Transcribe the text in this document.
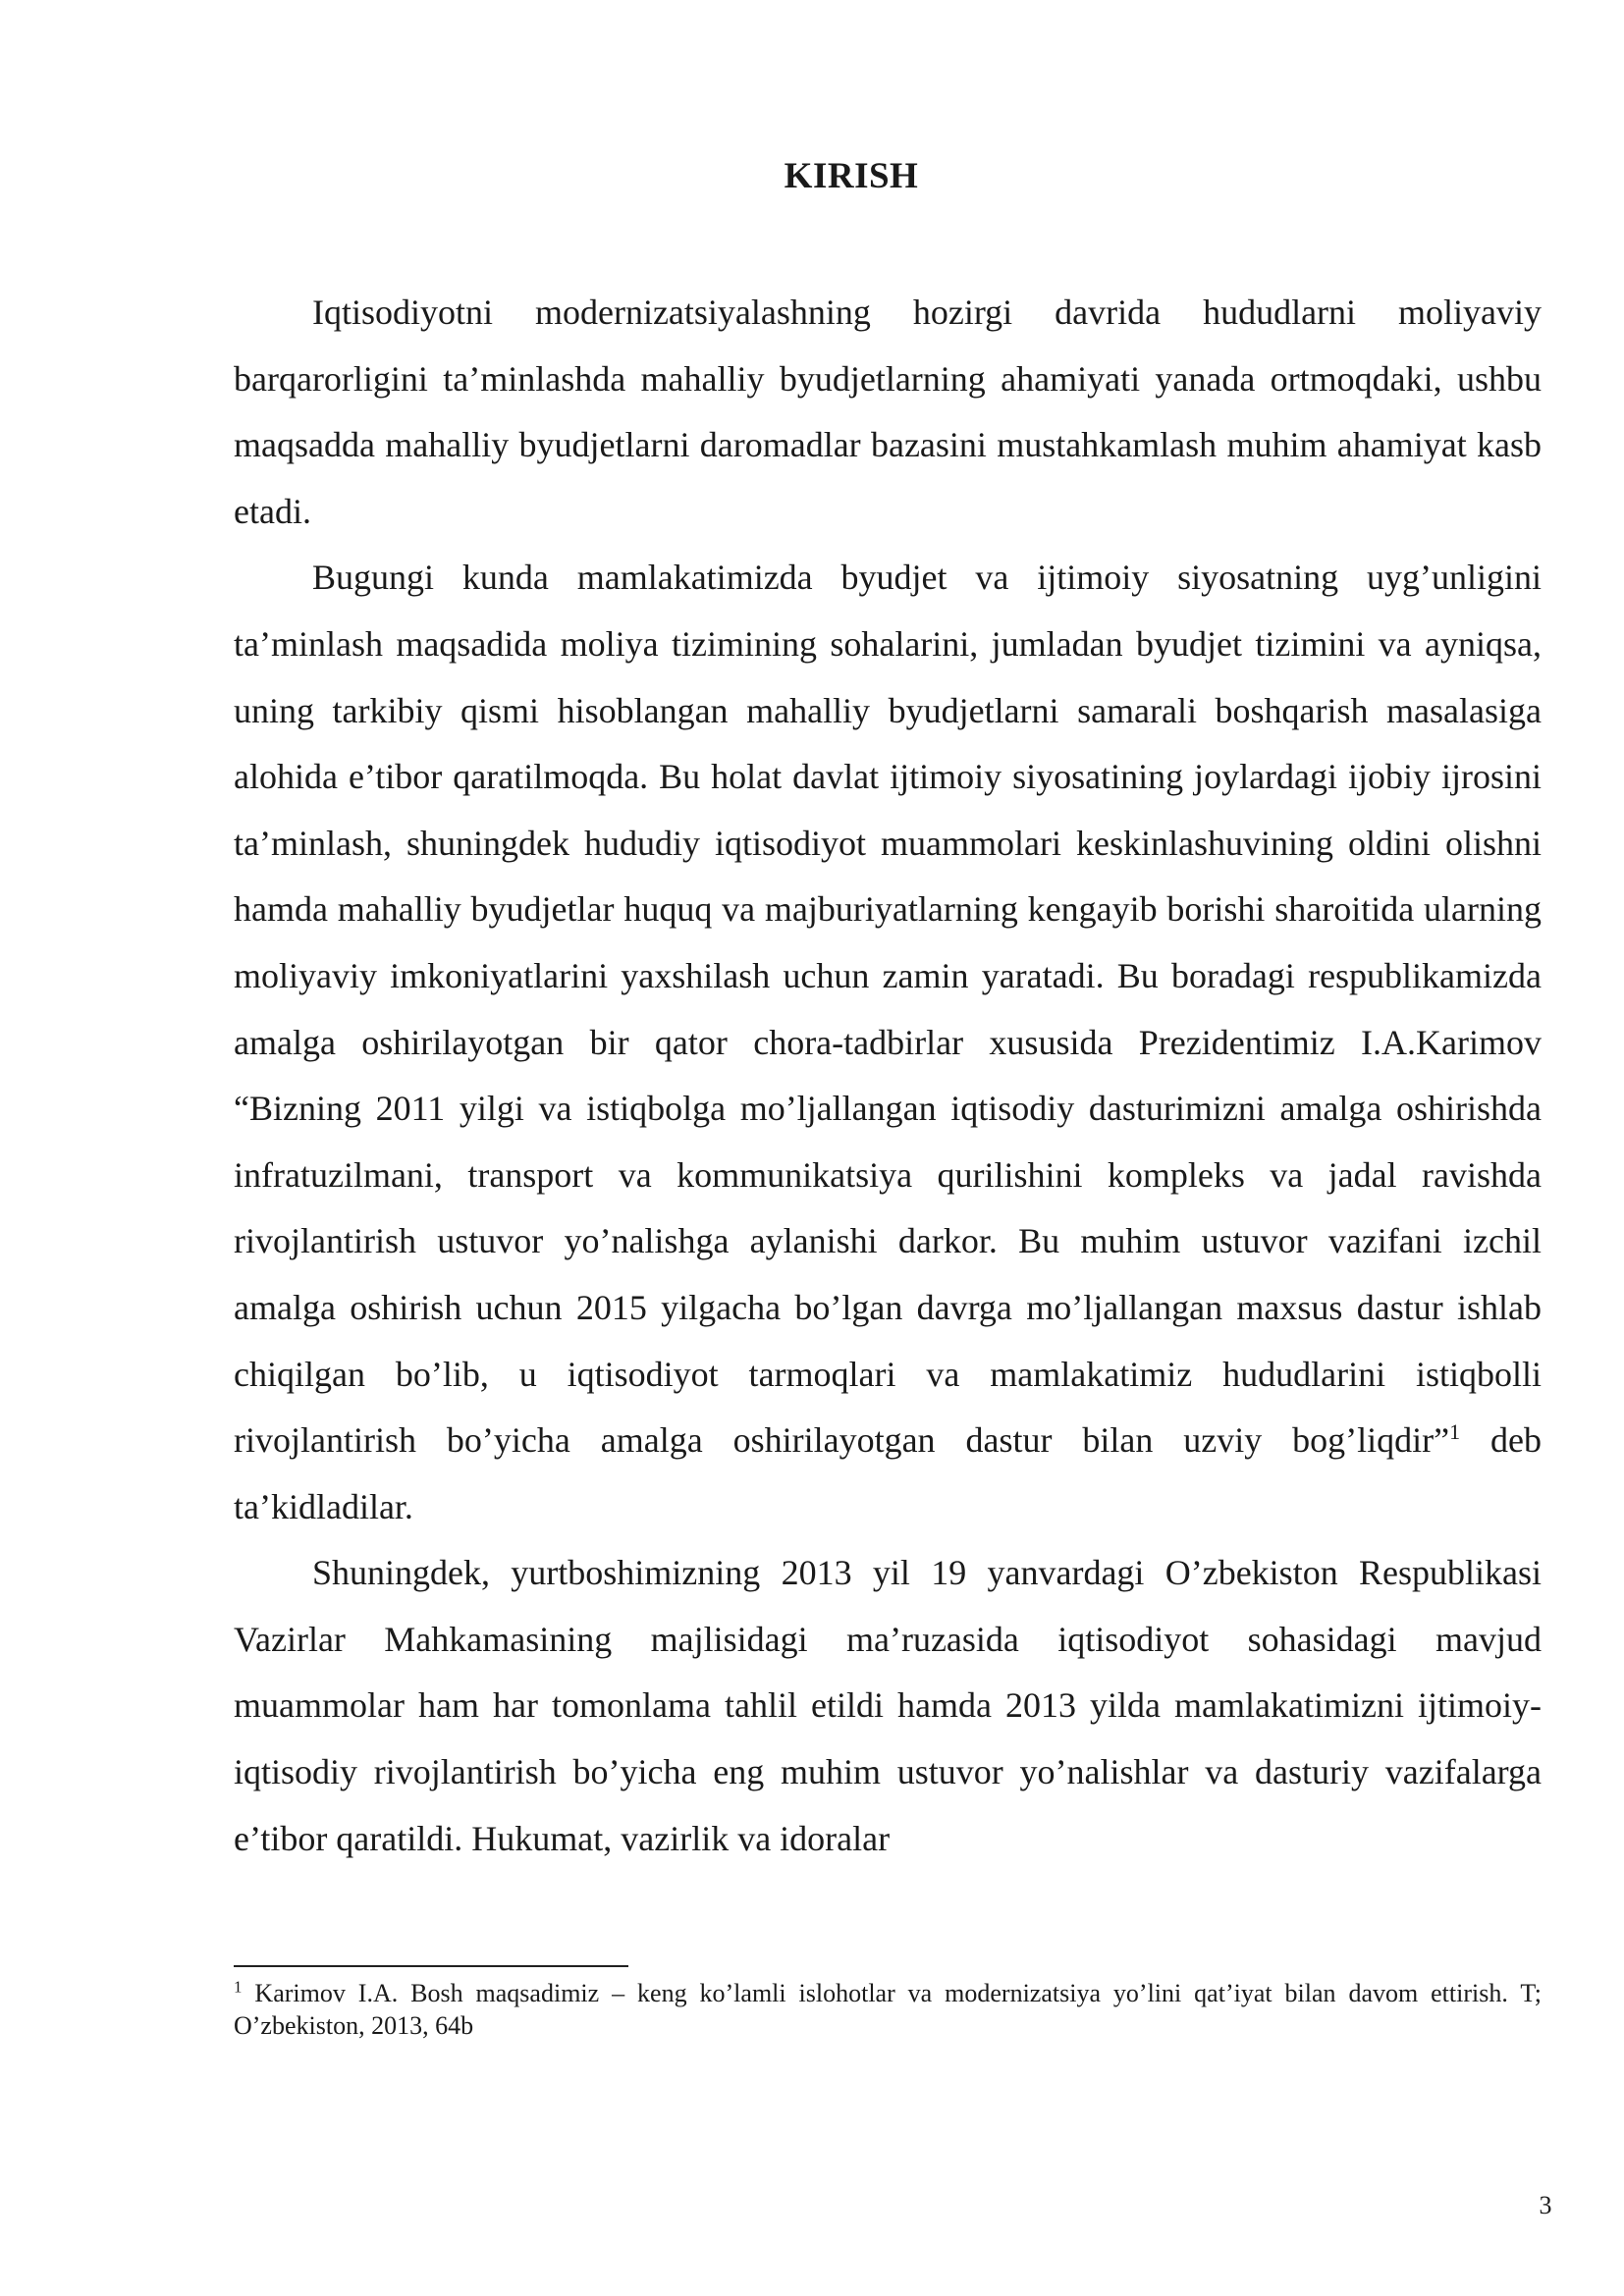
KIRISH

Iqtisodiyotni modernizatsiyalashning hozirgi davrida hududlarni moliyaviy barqarorligini ta’minlashda mahalliy byudjetlarning ahamiyati yanada ortmoqdaki, ushbu maqsadda mahalliy byudjetlarni daromadlar bazasini mustahkamlash muhim ahamiyat kasb etadi.

Bugungi kunda mamlakatimizda byudjet va ijtimoiy siyosatning uyg’unligini ta’minlash maqsadida moliya tizimining sohalarini, jumladan byudjet tizimini va ayniqsa, uning tarkibiy qismi hisoblangan mahalliy byudjetlarni samarali boshqarish masalasiga alohida e’tibor qaratilmoqda. Bu holat davlat ijtimoiy siyosatining joylardagi ijobiy ijrosini ta’minlash, shuningdek hududiy iqtisodiyot muammolari keskinlashuvining oldini olishni hamda mahalliy byudjetlar huquq va majburiyatlarning kengayib borishi sharoitida ularning moliyaviy imkoniyatlarini yaxshilash uchun zamin yaratadi. Bu boradagi respublikamizda amalga oshirilayotgan bir qator chora-tadbirlar xususida Prezidentimiz I.A.Karimov “Bizning 2011 yilgi va istiqbolga mo’ljallangan iqtisodiy dasturimizni amalga oshirishda infratuzilmani, transport va kommunikatsiya qurilishini kompleks va jadal ravishda rivojlantirish ustuvor yo’nalishga aylanishi darkor. Bu muhim ustuvor vazifani izchil amalga oshirish uchun 2015 yilgacha bo’lgan davrga mo’ljallangan maxsus dastur ishlab chiqilgan bo’lib, u iqtisodiyot tarmoqlari va mamlakatimiz hududlarini istiqbolli rivojlantirish bo’yicha amalga oshirilayotgan dastur bilan uzviy bog’liqdir”$^1$ deb ta’kidladilar.

Shuningdek, yurtboshimizning 2013 yil 19 yanvardagi O’zbekiston Respublikasi Vazirlar Mahkamasining majlisidagi ma’ruzasida iqtisodiyot sohasidagi mavjud muammolar ham har tomonlama tahlil etildi hamda 2013 yilda mamlakatimizni ijtimoiy-iqtisodiy rivojlantirish bo’yicha eng muhim ustuvor yo’nalishlar va dasturiy vazifalarga e’tibor qaratildi. Hukumat, vazirlik va idoralar

$^1$ Karimov I.A. Bosh maqsadimiz – keng ko’lamli islohotlar va modernizatsiya yo’lini qat’iyat bilan davom ettirish. T; O’zbekiston, 2013, 64b
3
